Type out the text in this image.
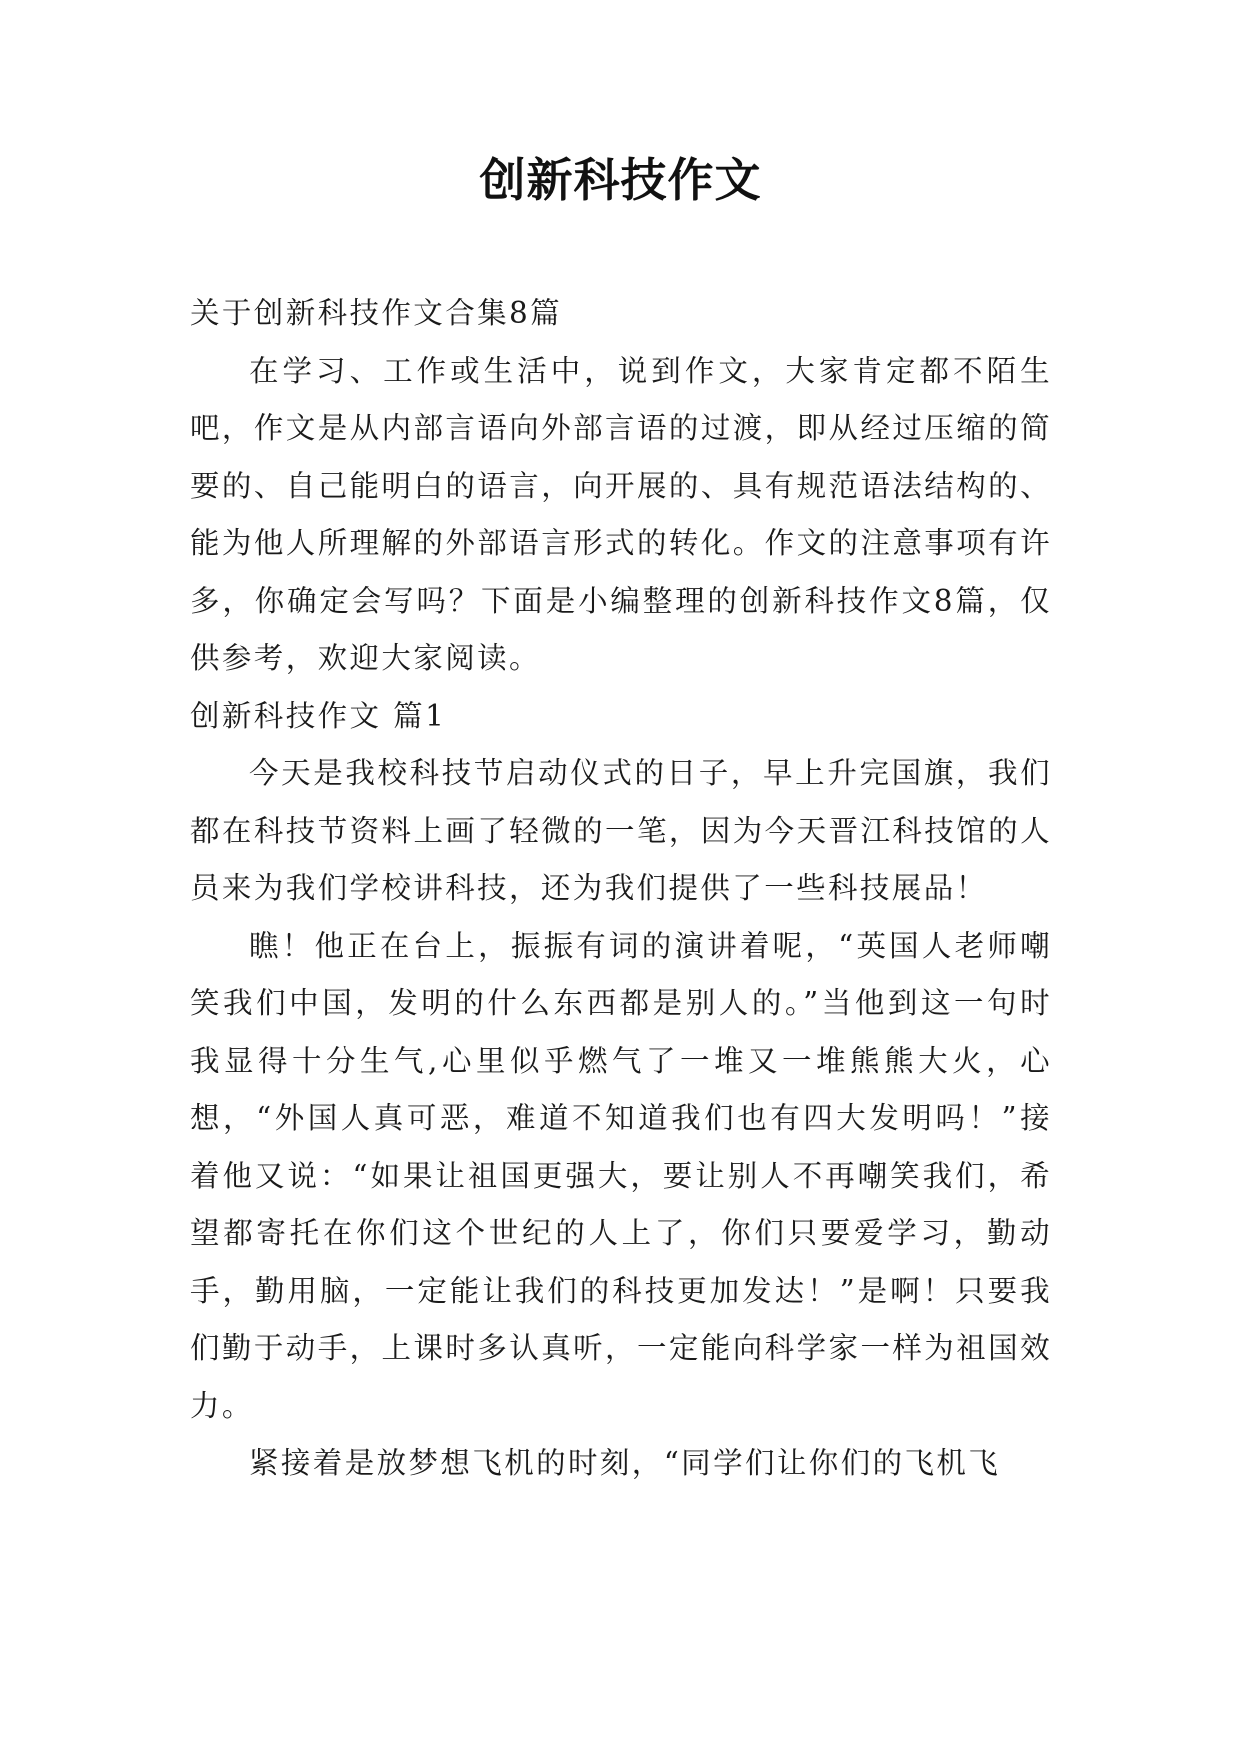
创新科技作文

关于创新科技作文合集8篇

在学习、工作或生活中，说到作文，大家肯定都不陌生吧，作文是从内部言语向外部言语的过渡，即从经过压缩的简要的、自己能明白的语言，向开展的、具有规范语法结构的、能为他人所理解的外部语言形式的转化。作文的注意事项有许多，你确定会写吗？下面是小编整理的创新科技作文8篇，仅供参考，欢迎大家阅读。

创新科技作文 篇1

今天是我校科技节启动仪式的日子，早上升完国旗，我们都在科技节资料上画了轻微的一笔，因为今天晋江科技馆的人员来为我们学校讲科技，还为我们提供了一些科技展品！

瞧！他正在台上，振振有词的演讲着呢，“英国人老师嘲笑我们中国，发明的什么东西都是别人的。”当他到这一句时我显得十分生气,心里似乎燃气了一堆又一堆熊熊大火，心想，“外国人真可恶，难道不知道我们也有四大发明吗！”接着他又说：“如果让祖国更强大，要让别人不再嘲笑我们，希望都寄托在你们这个世纪的人上了，你们只要爱学习，勤动手，勤用脑，一定能让我们的科技更加发达！”是啊！只要我们勤于动手，上课时多认真听，一定能向科学家一样为祖国效力。

紧接着是放梦想飞机的时刻，“同学们让你们的飞机飞
